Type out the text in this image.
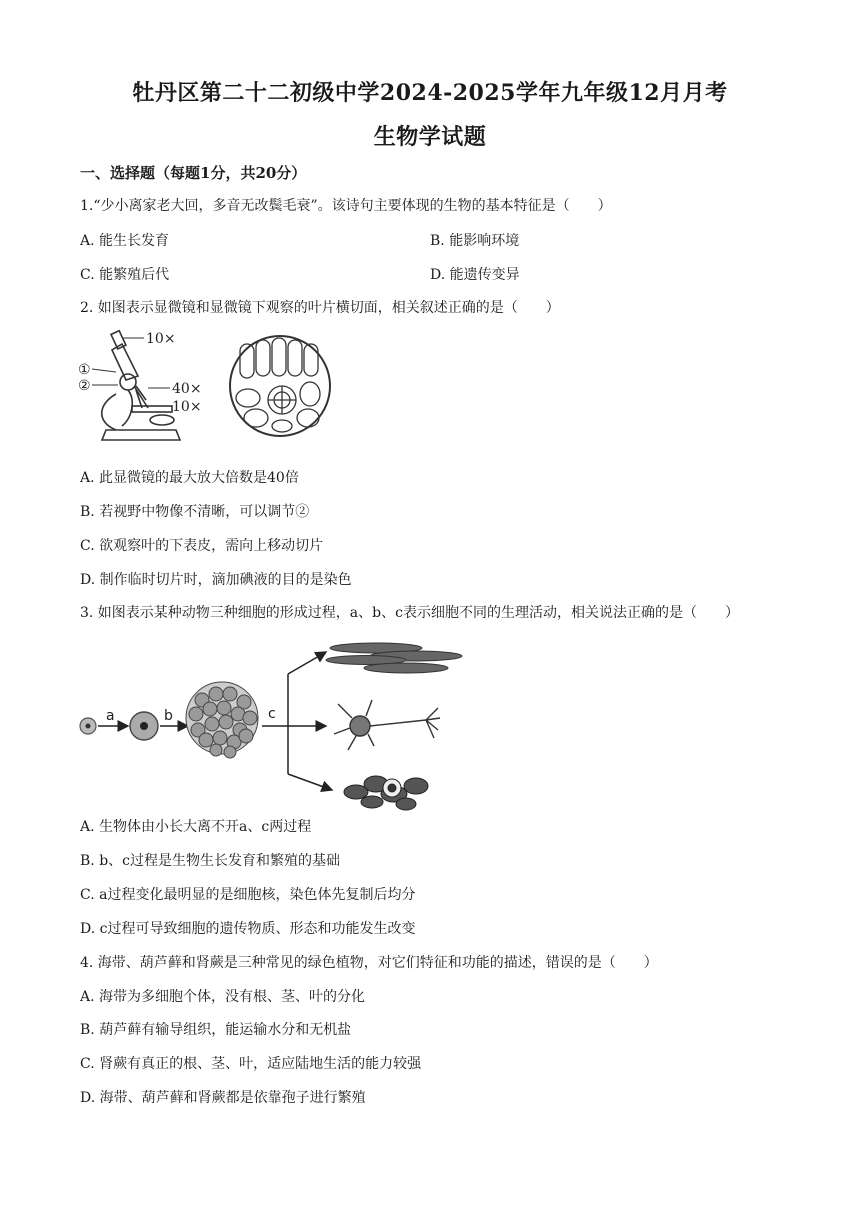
牡丹区第二十二初级中学2024-2025学年九年级12月月考
生物学试题
一、选择题（每题1分，共20分）
1.“少小离家老大回，多音无改鬓毛衰”。该诗句主要体现的生物的基本特征是（　　）
A. 能生长发育	B. 能影响环境
C. 能繁殖后代	D. 能遗传变异
2. 如图表示显微镜和显微镜下观察的叶片横切面，相关叙述正确的是（　　）
10×
①
②	40×
10×
A. 此显微镜的最大放大倍数是40倍
B. 若视野中物像不清晰，可以调节②
C. 欲观察叶的下表皮，需向上移动切片
D. 制作临时切片时，滴加碘液的目的是染色
3. 如图表示某种动物三种细胞的形成过程，a、b、c表示细胞不同的生理活动，相关说法正确的是（　　）
a	b	c
A. 生物体由小长大离不开a、c两过程
B. b、c过程是生物生长发育和繁殖的基础
C. a过程变化最明显的是细胞核，染色体先复制后均分
D. c过程可导致细胞的遗传物质、形态和功能发生改变
4. 海带、葫芦藓和肾蕨是三种常见的绿色植物，对它们特征和功能的描述，错误的是（　　）
A. 海带为多细胞个体，没有根、茎、叶的分化
B. 葫芦藓有输导组织，能运输水分和无机盐
C. 肾蕨有真正的根、茎、叶，适应陆地生活的能力较强
D. 海带、葫芦藓和肾蕨都是依靠孢子进行繁殖
